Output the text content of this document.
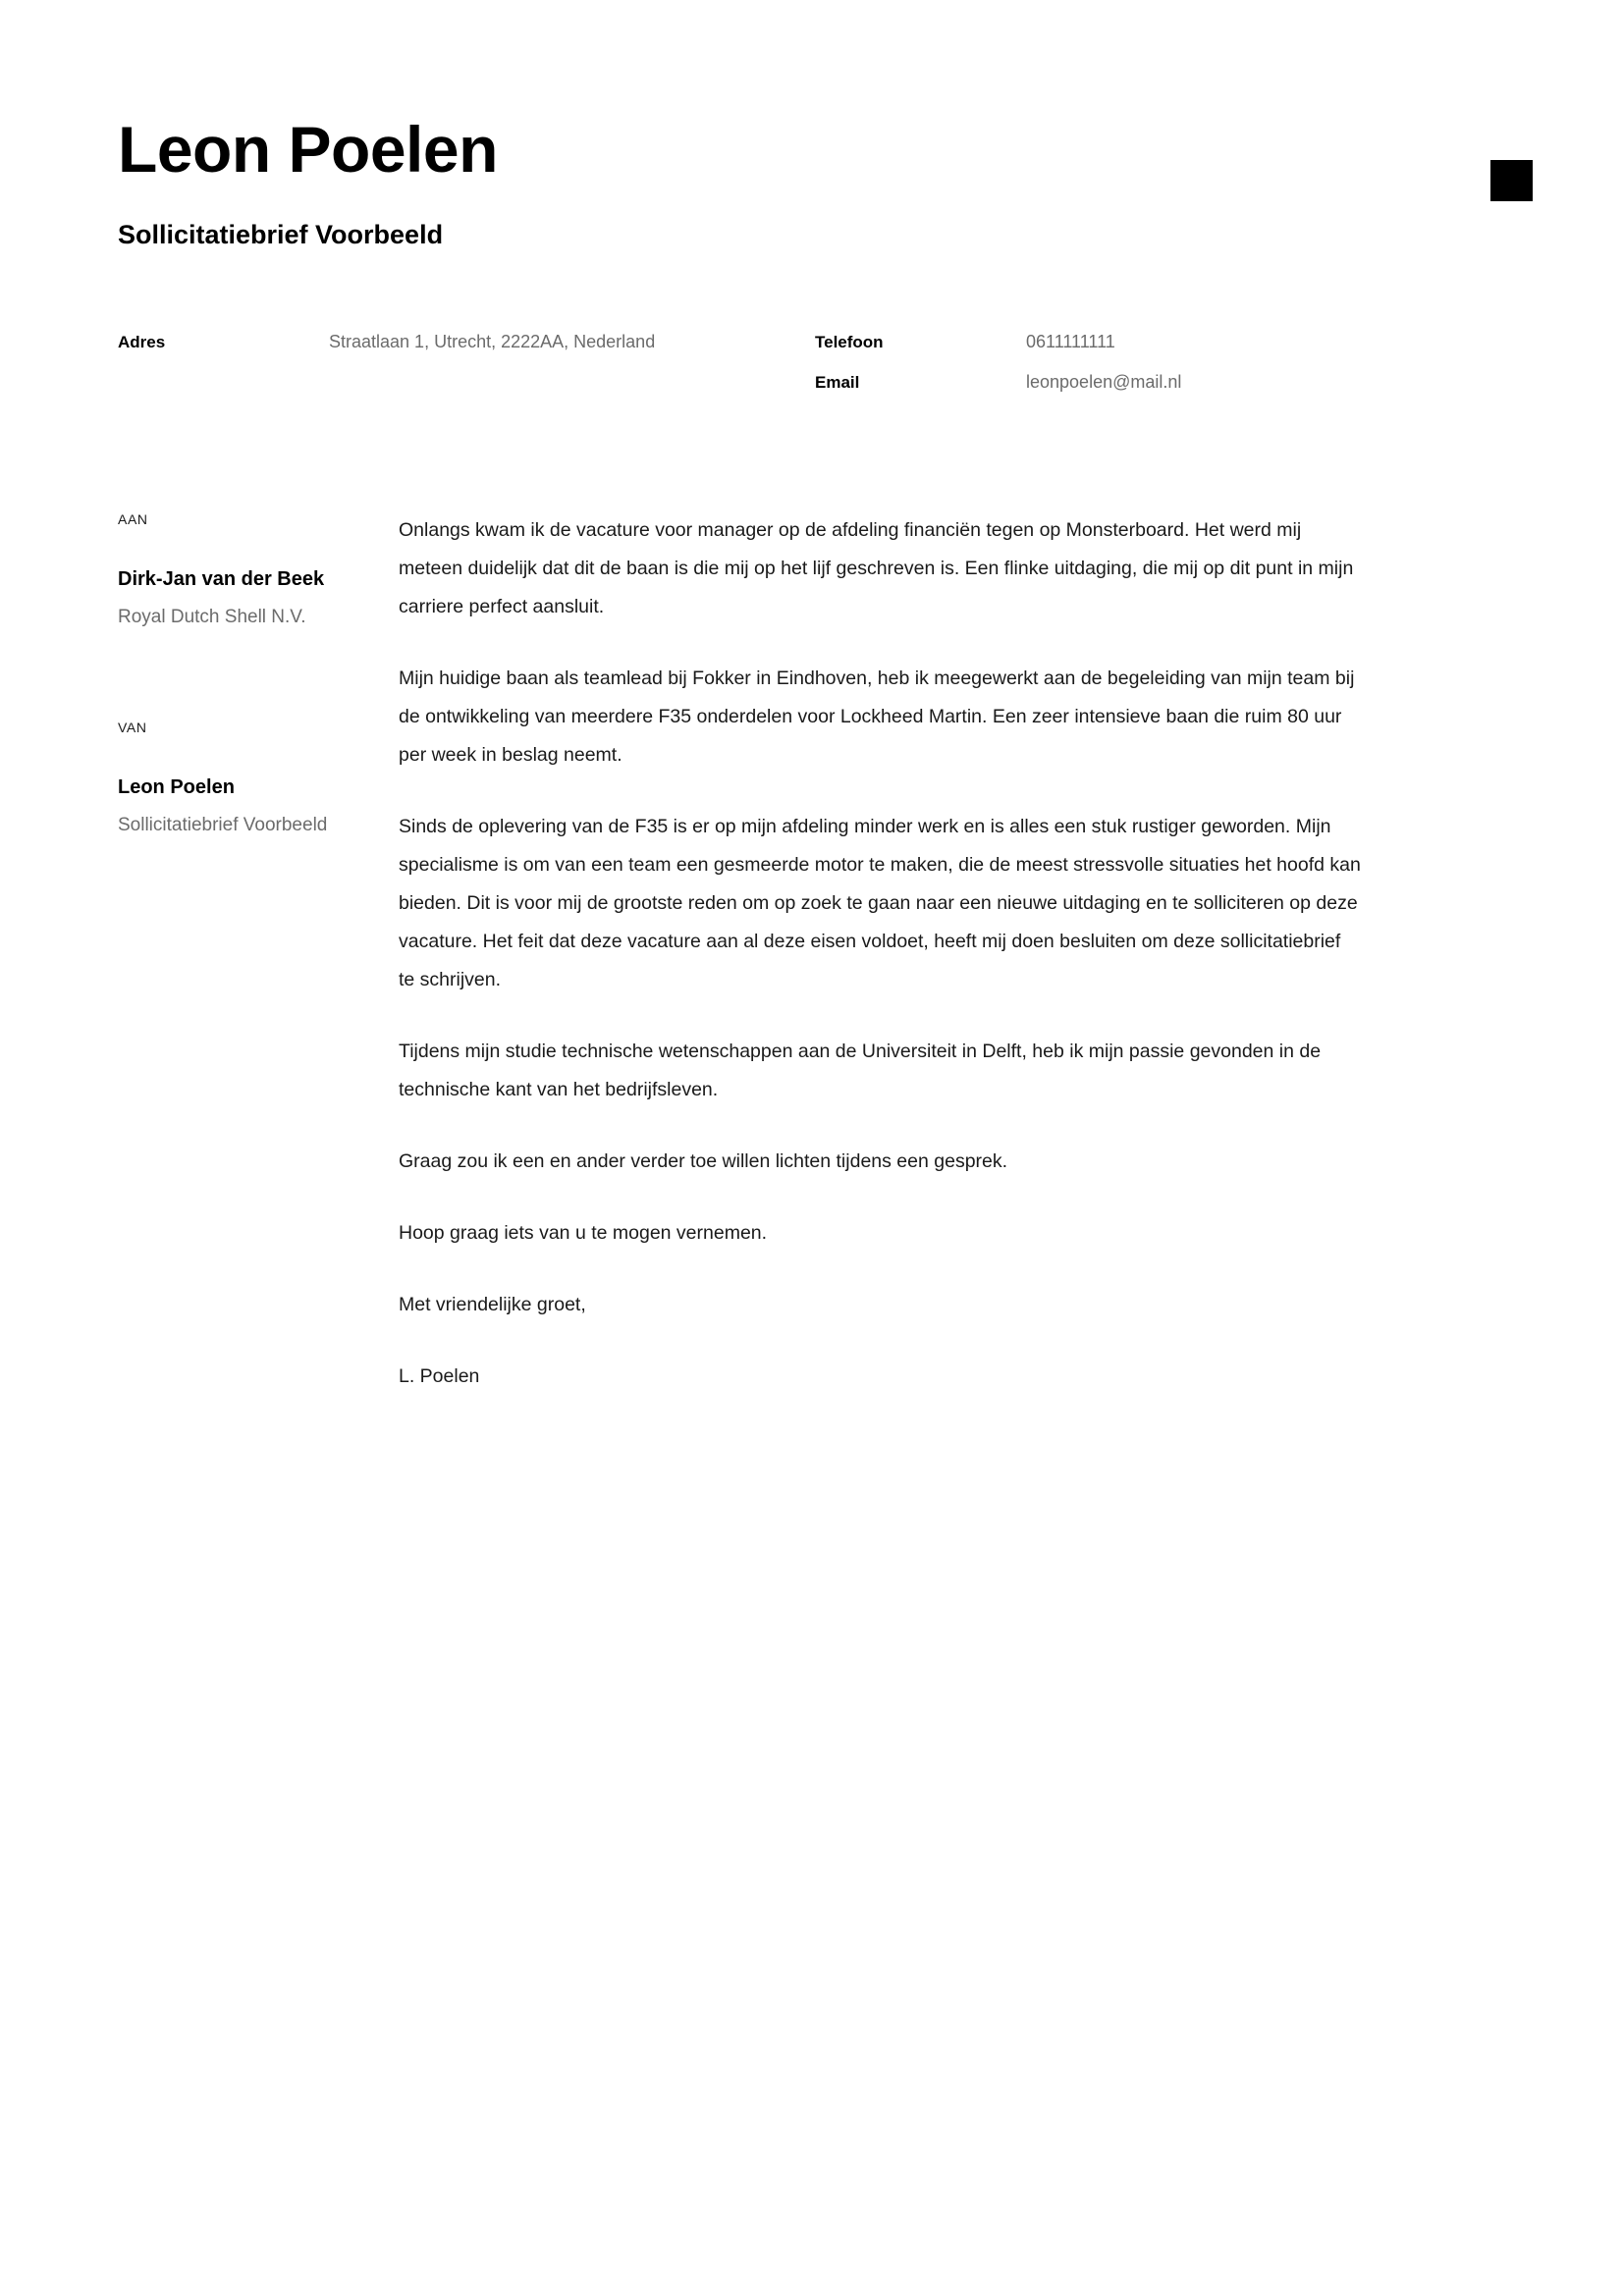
Leon Poelen
Sollicitatiebrief Voorbeeld
Adres	Straatlaan 1, Utrecht, 2222AA, Nederland	Telefoon	0611111111
Email	leonpoelen@mail.nl
AAN
Dirk-Jan van der Beek
Royal Dutch Shell N.V.
VAN
Leon Poelen
Sollicitatiebrief Voorbeeld

Onlangs kwam ik de vacature voor manager op de afdeling financiën tegen op Monsterboard. Het werd mij meteen duidelijk dat dit de baan is die mij op het lijf geschreven is. Een flinke uitdaging, die mij op dit punt in mijn carriere perfect aansluit.

Mijn huidige baan als teamlead bij Fokker in Eindhoven, heb ik meegewerkt aan de begeleiding van mijn team bij de ontwikkeling van meerdere F35 onderdelen voor Lockheed Martin. Een zeer intensieve baan die ruim 80 uur per week in beslag neemt.

Sinds de oplevering van de F35 is er op mijn afdeling minder werk en is alles een stuk rustiger geworden. Mijn specialisme is om van een team een gesmeerde motor te maken, die de meest stressvolle situaties het hoofd kan bieden. Dit is voor mij de grootste reden om op zoek te gaan naar een nieuwe uitdaging en te solliciteren op deze vacature. Het feit dat deze vacature aan al deze eisen voldoet, heeft mij doen besluiten om deze sollicitatiebrief te schrijven.

Tijdens mijn studie technische wetenschappen aan de Universiteit in Delft, heb ik mijn passie gevonden in de technische kant van het bedrijfsleven.

Graag zou ik een en ander verder toe willen lichten tijdens een gesprek.

Hoop graag iets van u te mogen vernemen.

Met vriendelijke groet,

L. Poelen
